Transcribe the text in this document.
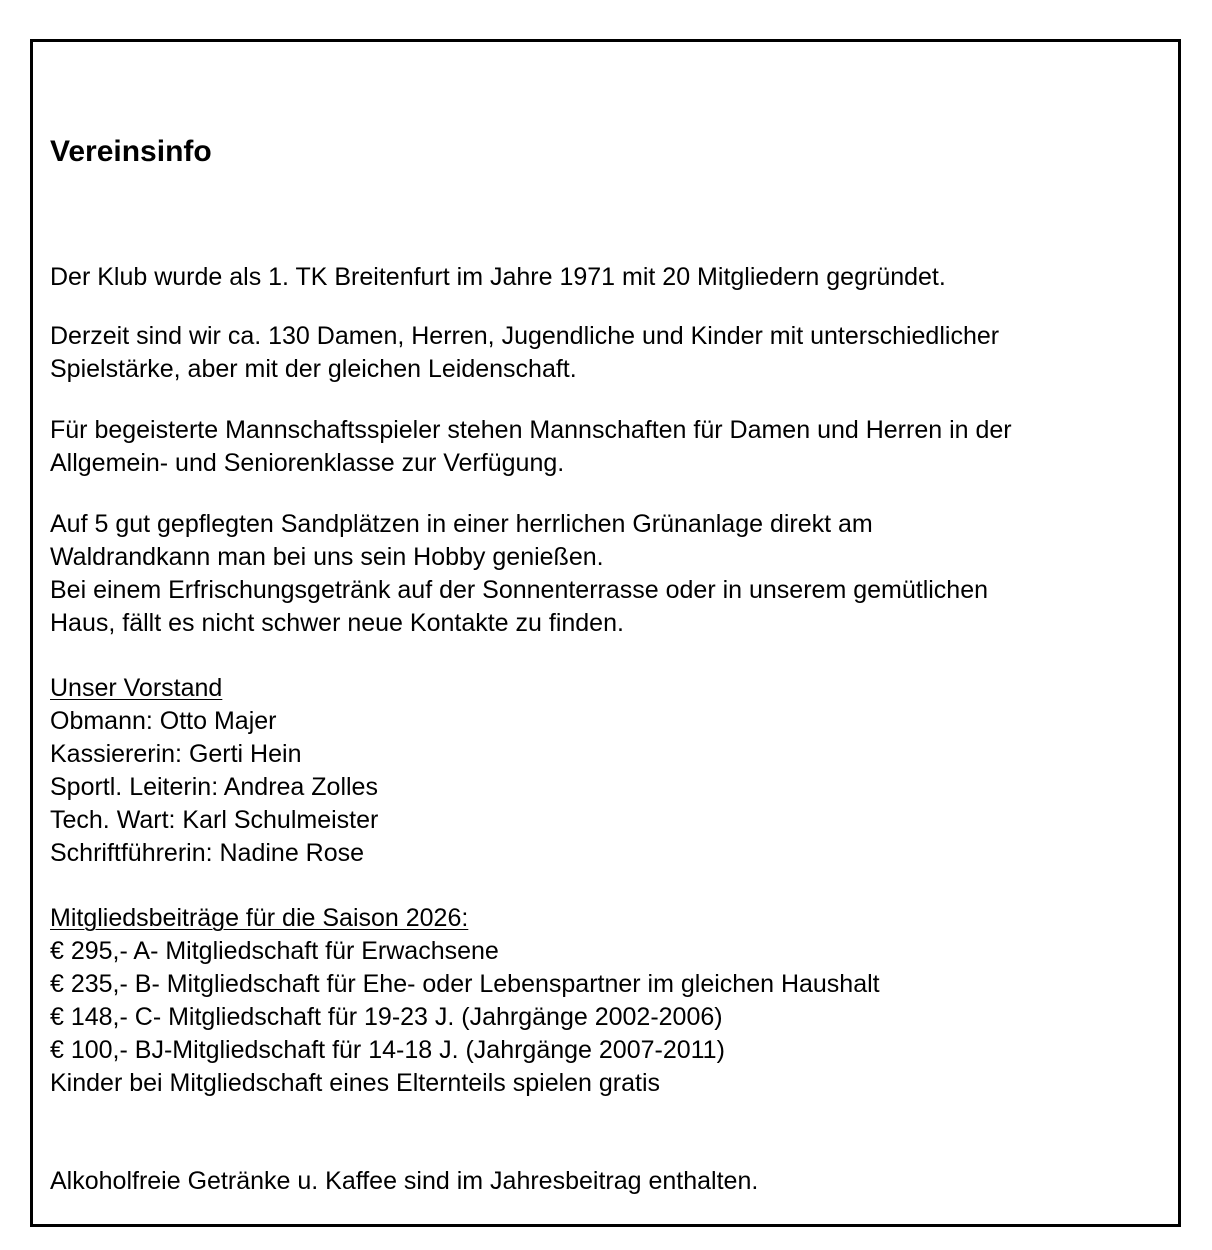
Vereinsinfo
Der Klub wurde als 1. TK Breitenfurt im Jahre 1971 mit 20 Mitgliedern gegründet.
Derzeit sind wir ca. 130 Damen, Herren, Jugendliche und Kinder mit unterschiedlicher
Spielstärke, aber mit der gleichen Leidenschaft.
Für begeisterte Mannschaftsspieler stehen Mannschaften für Damen und Herren in der
Allgemein- und Seniorenklasse zur Verfügung.
Auf 5 gut gepflegten Sandplätzen in einer herrlichen Grünanlage direkt am
Waldrandkann man bei uns sein Hobby genießen.
Bei einem Erfrischungsgetränk auf der Sonnenterrasse oder in unserem gemütlichen
Haus, fällt es nicht schwer neue Kontakte zu finden.
Unser Vorstand
Obmann: Otto Majer
Kassiererin: Gerti Hein
Sportl. Leiterin: Andrea Zolles
Tech. Wart: Karl Schulmeister
Schriftführerin: Nadine Rose
Mitgliedsbeiträge für die Saison 2026:
€ 295,- A- Mitgliedschaft für Erwachsene
€ 235,- B- Mitgliedschaft für Ehe- oder Lebenspartner im gleichen Haushalt
€ 148,- C- Mitgliedschaft für 19-23 J. (Jahrgänge 2002-2006)
€ 100,- BJ-Mitgliedschaft für 14-18 J. (Jahrgänge 2007-2011)
Kinder bei Mitgliedschaft eines Elternteils spielen gratis
Alkoholfreie Getränke u. Kaffee sind im Jahresbeitrag enthalten.
